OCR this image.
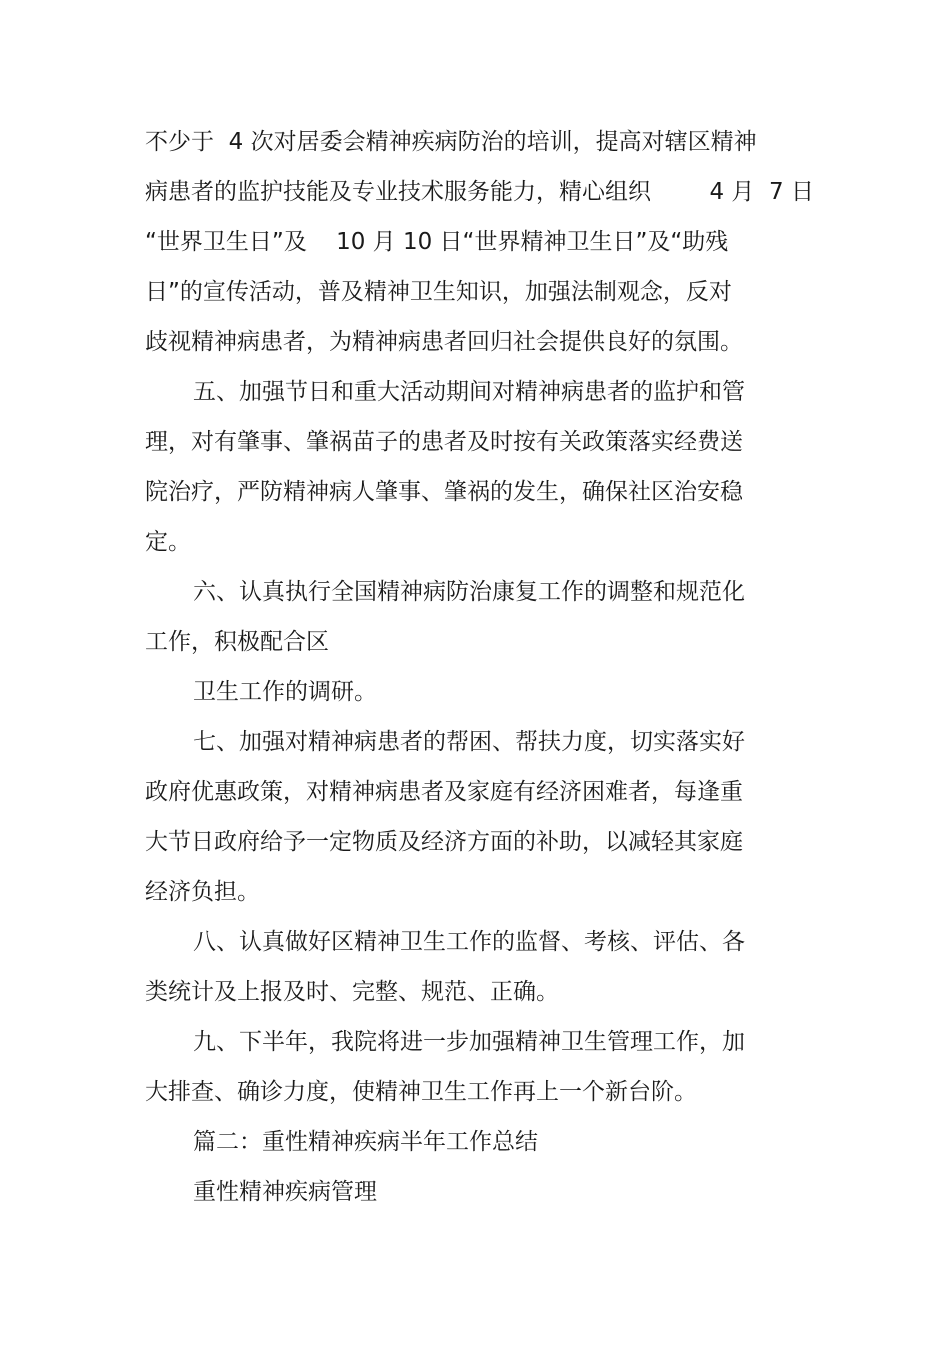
不少于  4 次对居委会精神疾病防治的培训，提高对辖区精神
病患者的监护技能及专业技术服务能力，精心组织        4 月  7 日
“世界卫生日”及    10 月 10 日“世界精神卫生日”及“助残
日”的宣传活动，普及精神卫生知识，加强法制观念，反对
歧视精神病患者，为精神病患者回归社会提供良好的氛围。
五、加强节日和重大活动期间对精神病患者的监护和管
理，对有肇事、肇祸苗子的患者及时按有关政策落实经费送
院治疗，严防精神病人肇事、肇祸的发生，确保社区治安稳
定。
六、认真执行全国精神病防治康复工作的调整和规范化
工作，积极配合区
卫生工作的调研。
七、加强对精神病患者的帮困、帮扶力度，切实落实好
政府优惠政策，对精神病患者及家庭有经济困难者，每逢重
大节日政府给予一定物质及经济方面的补助，以减轻其家庭
经济负担。
八、认真做好区精神卫生工作的监督、考核、评估、各
类统计及上报及时、完整、规范、正确。
九、下半年，我院将进一步加强精神卫生管理工作，加
大排查、确诊力度，使精神卫生工作再上一个新台阶。
篇二：重性精神疾病半年工作总结
重性精神疾病管理
